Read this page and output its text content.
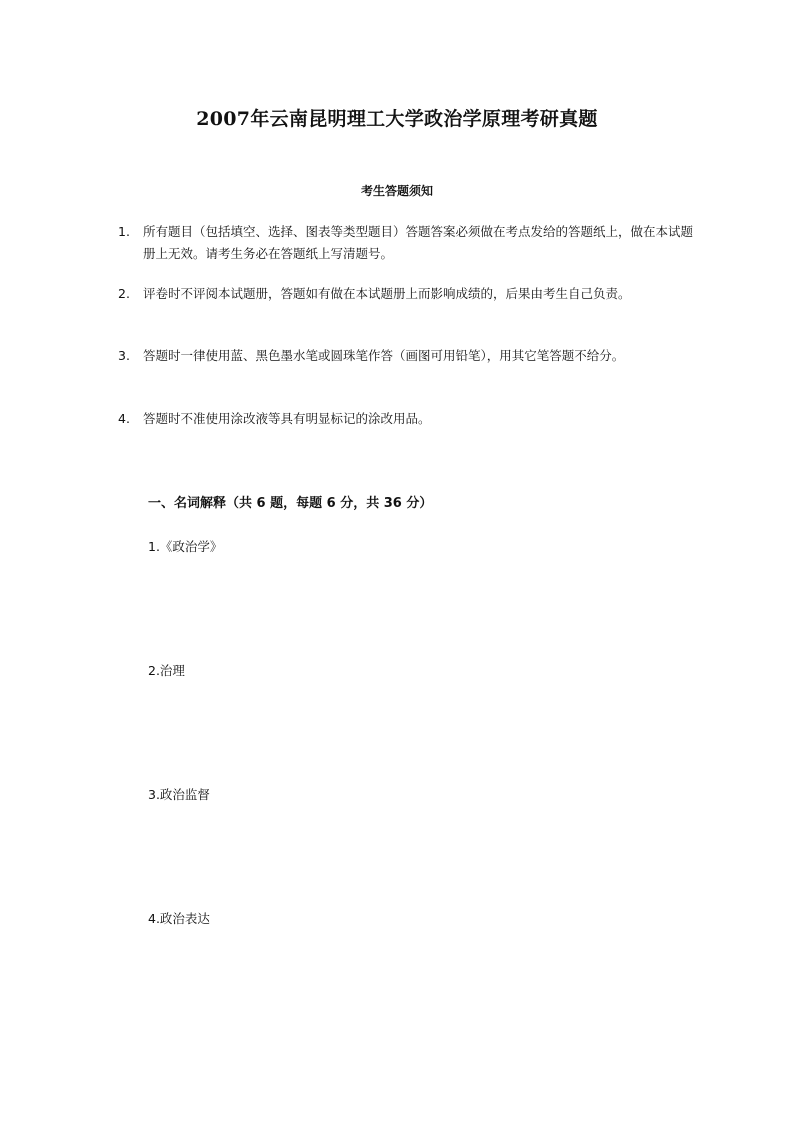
2007年云南昆明理工大学政治学原理考研真题
考生答题须知
1.	所有题目（包括填空、选择、图表等类型题目）答题答案必须做在考点发给的答题纸上，做在本试题册上无效。请考生务必在答题纸上写清题号。
2.	评卷时不评阅本试题册，答题如有做在本试题册上而影响成绩的，后果由考生自己负责。
3.	答题时一律使用蓝、黑色墨水笔或圆珠笔作答（画图可用铅笔），用其它笔答题不给分。
4.	答题时不准使用涂改液等具有明显标记的涂改用品。
一、名词解释（共 6 题，每题 6 分，共 36 分）
1.《政治学》
2.治理
3.政治监督
4.政治表达
